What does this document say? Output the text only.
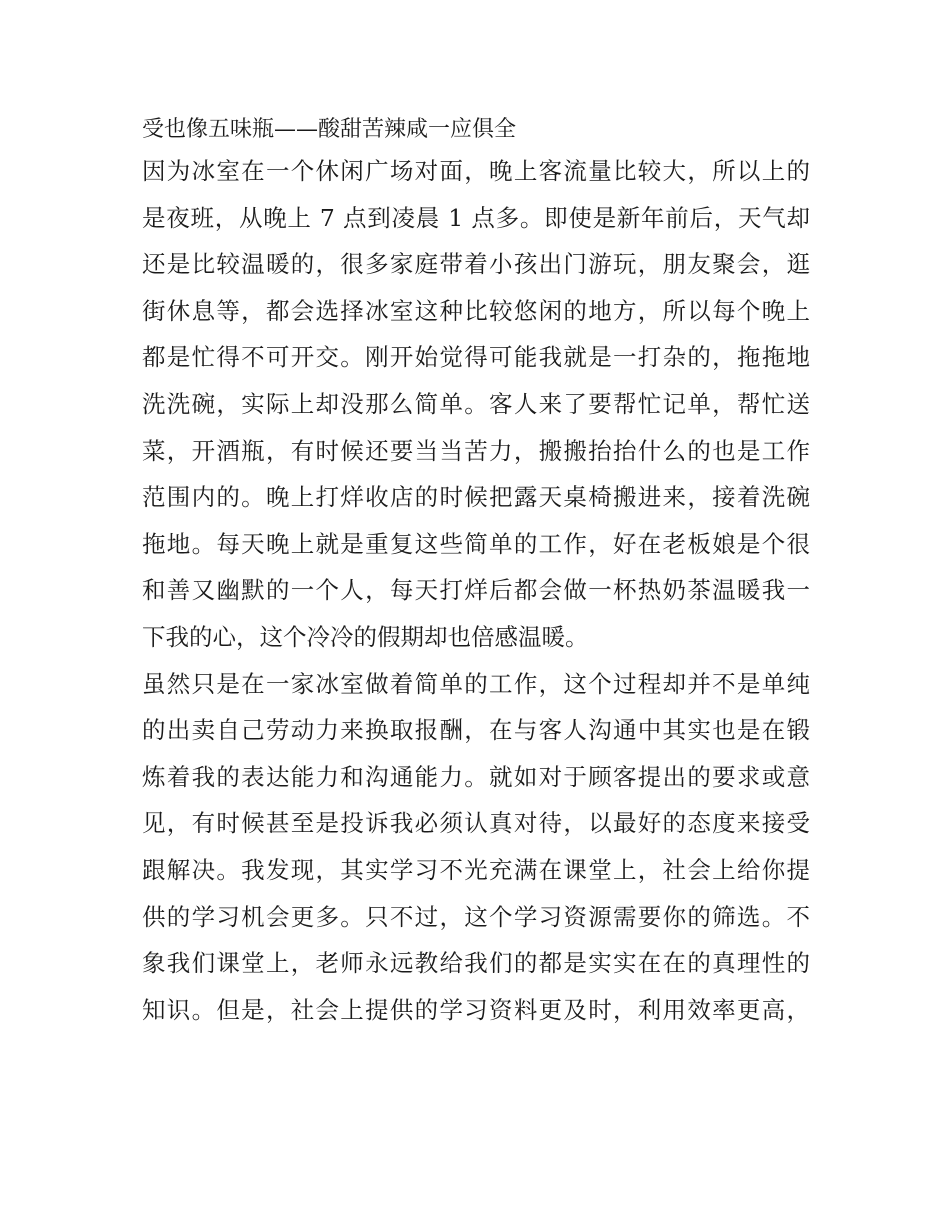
受也像五味瓶——酸甜苦辣咸一应俱全

因为冰室在一个休闲广场对面，晚上客流量比较大，所以上的
是夜班，从晚上 7 点到凌晨 1 点多。即使是新年前后，天气却
还是比较温暖的，很多家庭带着小孩出门游玩，朋友聚会，逛
街休息等，都会选择冰室这种比较悠闲的地方，所以每个晚上
都是忙得不可开交。刚开始觉得可能我就是一打杂的，拖拖地
洗洗碗，实际上却没那么简单。客人来了要帮忙记单，帮忙送
菜，开酒瓶，有时候还要当当苦力，搬搬抬抬什么的也是工作
范围内的。晚上打烊收店的时候把露天桌椅搬进来，接着洗碗
拖地。每天晚上就是重复这些简单的工作，好在老板娘是个很
和善又幽默的一个人，每天打烊后都会做一杯热奶茶温暖我一
下我的心，这个冷冷的假期却也倍感温暖。

虽然只是在一家冰室做着简单的工作，这个过程却并不是单纯
的出卖自己劳动力来换取报酬，在与客人沟通中其实也是在锻
炼着我的表达能力和沟通能力。就如对于顾客提出的要求或意
见，有时候甚至是投诉我必须认真对待，以最好的态度来接受
跟解决。我发现，其实学习不光充满在课堂上，社会上给你提
供的学习机会更多。只不过，这个学习资源需要你的筛选。不
象我们课堂上，老师永远教给我们的都是实实在在的真理性的
知识。但是，社会上提供的学习资料更及时，利用效率更高，
